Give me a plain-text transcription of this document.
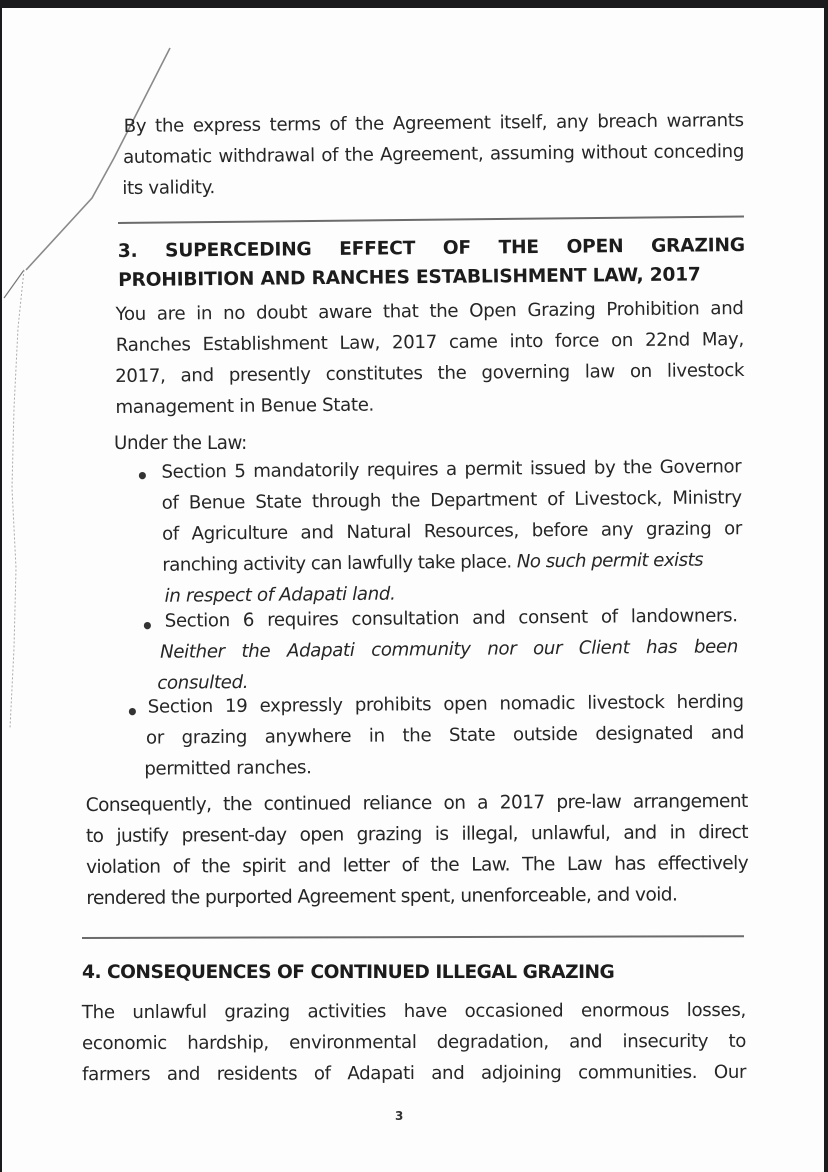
By the express terms of the Agreement itself, any breach warrants
automatic withdrawal of the Agreement, assuming without conceding
its validity.
3. SUPERCEDING EFFECT OF THE OPEN GRAZING
PROHIBITION AND RANCHES ESTABLISHMENT LAW, 2017
You are in no doubt aware that the Open Grazing Prohibition and
Ranches Establishment Law, 2017 came into force on 22nd May,
2017, and presently constitutes the governing law on livestock
management in Benue State.
Under the Law:
• Section 5 mandatorily requires a permit issued by the Governor
of Benue State through the Department of Livestock, Ministry
of Agriculture and Natural Resources, before any grazing or
ranching activity can lawfully take place. No such permit exists
in respect of Adapati land.
• Section 6 requires consultation and consent of landowners.
Neither the Adapati community nor our Client has been
consulted.
• Section 19 expressly prohibits open nomadic livestock herding
or grazing anywhere in the State outside designated and
permitted ranches.
Consequently, the continued reliance on a 2017 pre-law arrangement
to justify present-day open grazing is illegal, unlawful, and in direct
violation of the spirit and letter of the Law. The Law has effectively
rendered the purported Agreement spent, unenforceable, and void.
4. CONSEQUENCES OF CONTINUED ILLEGAL GRAZING
The unlawful grazing activities have occasioned enormous losses,
economic hardship, environmental degradation, and insecurity to
farmers and residents of Adapati and adjoining communities. Our
3
